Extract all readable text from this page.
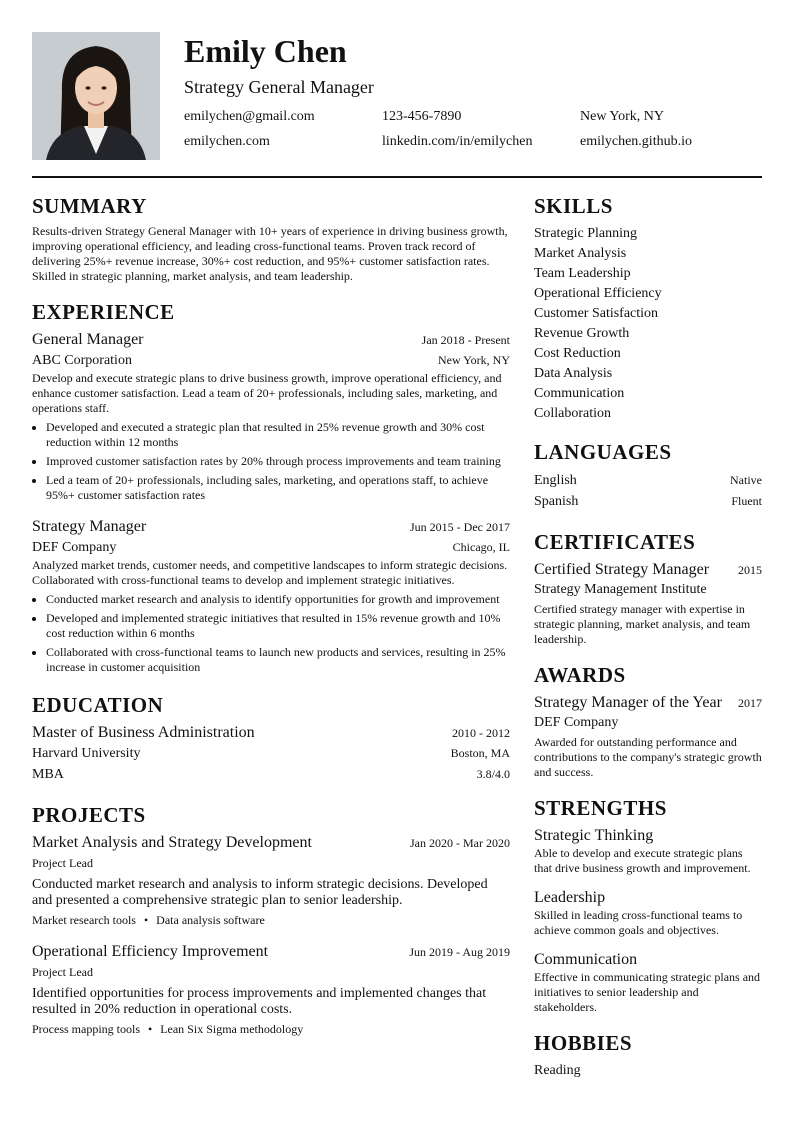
Emily Chen
Strategy General Manager
emilychen@gmail.com	123-456-7890	New York, NY
emilychen.com	linkedin.com/in/emilychen	emilychen.github.io
SUMMARY
Results-driven Strategy General Manager with 10+ years of experience in driving business growth, improving operational efficiency, and leading cross-functional teams. Proven track record of delivering 25%+ revenue increase, 30%+ cost reduction, and 95%+ customer satisfaction rates. Skilled in strategic planning, market analysis, and team leadership.
EXPERIENCE
General Manager	Jan 2018 - Present
ABC Corporation	New York, NY
Develop and execute strategic plans to drive business growth, improve operational efficiency, and enhance customer satisfaction. Lead a team of 20+ professionals, including sales, marketing, and operations staff.
• Developed and executed a strategic plan that resulted in 25% revenue growth and 30% cost reduction within 12 months
• Improved customer satisfaction rates by 20% through process improvements and team training
• Led a team of 20+ professionals, including sales, marketing, and operations staff, to achieve 95%+ customer satisfaction rates
Strategy Manager	Jun 2015 - Dec 2017
DEF Company	Chicago, IL
Analyzed market trends, customer needs, and competitive landscapes to inform strategic decisions. Collaborated with cross-functional teams to develop and implement strategic initiatives.
• Conducted market research and analysis to identify opportunities for growth and improvement
• Developed and implemented strategic initiatives that resulted in 15% revenue growth and 10% cost reduction within 6 months
• Collaborated with cross-functional teams to launch new products and services, resulting in 25% increase in customer acquisition
EDUCATION
Master of Business Administration	2010 - 2012
Harvard University	Boston, MA
MBA	3.8/4.0
PROJECTS
Market Analysis and Strategy Development	Jan 2020 - Mar 2020
Project Lead
Conducted market research and analysis to inform strategic decisions. Developed and presented a comprehensive strategic plan to senior leadership.
Market research tools • Data analysis software
Operational Efficiency Improvement	Jun 2019 - Aug 2019
Project Lead
Identified opportunities for process improvements and implemented changes that resulted in 20% reduction in operational costs.
Process mapping tools • Lean Six Sigma methodology
SKILLS
Strategic Planning
Market Analysis
Team Leadership
Operational Efficiency
Customer Satisfaction
Revenue Growth
Cost Reduction
Data Analysis
Communication
Collaboration
LANGUAGES
English	Native
Spanish	Fluent
CERTIFICATES
Certified Strategy Manager 2015
Strategy Management Institute
Certified strategy manager with expertise in strategic planning, market analysis, and team leadership.
AWARDS
Strategy Manager of the Year 2017
DEF Company
Awarded for outstanding performance and contributions to the company's strategic growth and success.
STRENGTHS
Strategic Thinking
Able to develop and execute strategic plans that drive business growth and improvement.
Leadership
Skilled in leading cross-functional teams to achieve common goals and objectives.
Communication
Effective in communicating strategic plans and initiatives to senior leadership and stakeholders.
HOBBIES
Reading
